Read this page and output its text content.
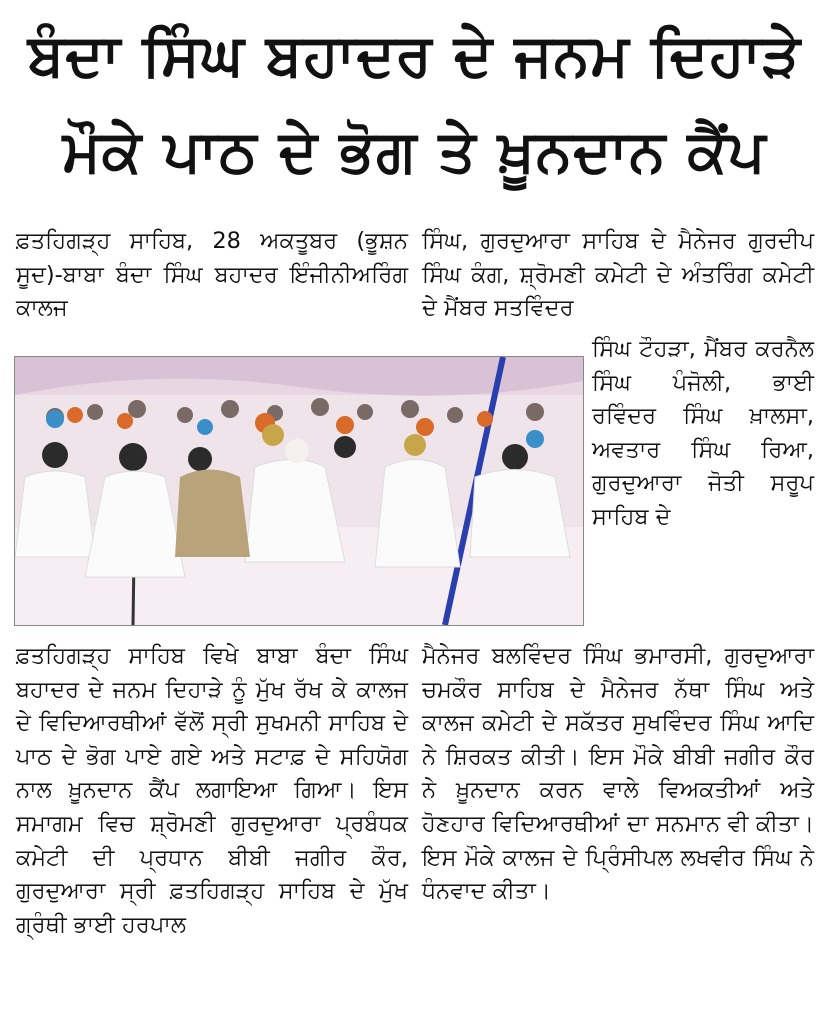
ਬੰਦਾ ਸਿੰਘ ਬਹਾਦਰ ਦੇ ਜਨਮ ਦਿਹਾੜੇ
ਮੌਕੇ ਪਾਠ ਦੇ ਭੋਗ ਤੇ ਖ਼ੂਨਦਾਨ ਕੈਂਪ

ਫ਼ਤਹਿਗੜ੍ਹ ਸਾਹਿਬ, 28 ਅਕਤੂਬਰ (ਭੂਸ਼ਨ ਸੂਦ)-ਬਾਬਾ ਬੰਦਾ ਸਿੰਘ ਬਹਾਦਰ ਇੰਜੀਨੀਅਰਿੰਗ ਕਾਲਜ

ਸਿੰਘ, ਗੁਰਦੁਆਰਾ ਸਾਹਿਬ ਦੇ ਮੈਨੇਜਰ ਗੁਰਦੀਪ ਸਿੰਘ ਕੰਗ, ਸ਼੍ਰੋਮਣੀ ਕਮੇਟੀ ਦੇ ਅੰਤਰਿੰਗ ਕਮੇਟੀ ਦੇ ਮੈਂਬਰ ਸਤਵਿੰਦਰ

ਸਿੰਘ ਟੌਹੜਾ, ਮੈਂਬਰ ਕਰਨੈਲ ਸਿੰਘ ਪੰਜੋਲੀ, ਭਾਈ ਰਵਿੰਦਰ ਸਿੰਘ ਖ਼ਾਲਸਾ, ਅਵਤਾਰ ਸਿੰਘ ਰਿਆ, ਗੁਰਦੁਆਰਾ ਜੋਤੀ ਸਰੂਪ ਸਾਹਿਬ ਦੇ

ਫ਼ਤਹਿਗੜ੍ਹ ਸਾਹਿਬ ਵਿਖੇ ਬਾਬਾ ਬੰਦਾ ਸਿੰਘ ਬਹਾਦਰ ਦੇ ਜਨਮ ਦਿਹਾੜੇ ਨੂੰ ਮੁੱਖ ਰੱਖ ਕੇ ਕਾਲਜ ਦੇ ਵਿਦਿਆਰਥੀਆਂ ਵੱਲੋਂ ਸ੍ਰੀ ਸੁਖਮਨੀ ਸਾਹਿਬ ਦੇ ਪਾਠ ਦੇ ਭੋਗ ਪਾਏ ਗਏ ਅਤੇ ਸਟਾਫ਼ ਦੇ ਸਹਿਯੋਗ ਨਾਲ ਖ਼ੂਨਦਾਨ ਕੈਂਪ ਲਗਾਇਆ ਗਿਆ। ਇਸ ਸਮਾਗਮ ਵਿਚ ਸ਼੍ਰੋਮਣੀ ਗੁਰਦੁਆਰਾ ਪ੍ਰਬੰਧਕ ਕਮੇਟੀ ਦੀ ਪ੍ਰਧਾਨ ਬੀਬੀ ਜਗੀਰ ਕੌਰ, ਗੁਰਦੁਆਰਾ ਸ੍ਰੀ ਫ਼ਤਹਿਗੜ੍ਹ ਸਾਹਿਬ ਦੇ ਮੁੱਖ ਗ੍ਰੰਥੀ ਭਾਈ ਹਰਪਾਲ

ਮੈਨੇਜਰ ਬਲਵਿੰਦਰ ਸਿੰਘ ਭਮਾਰਸੀ, ਗੁਰਦੁਆਰਾ ਚਮਕੌਰ ਸਾਹਿਬ ਦੇ ਮੈਨੇਜਰ ਨੱਥਾ ਸਿੰਘ ਅਤੇ ਕਾਲਜ ਕਮੇਟੀ ਦੇ ਸਕੱਤਰ ਸੁਖਵਿੰਦਰ ਸਿੰਘ ਆਦਿ ਨੇ ਸ਼ਿਰਕਤ ਕੀਤੀ। ਇਸ ਮੌਕੇ ਬੀਬੀ ਜਗੀਰ ਕੌਰ ਨੇ ਖ਼ੂਨਦਾਨ ਕਰਨ ਵਾਲੇ ਵਿਅਕਤੀਆਂ ਅਤੇ ਹੋਣਹਾਰ ਵਿਦਿਆਰਥੀਆਂ ਦਾ ਸਨਮਾਨ ਵੀ ਕੀਤਾ। ਇਸ ਮੌਕੇ ਕਾਲਜ ਦੇ ਪ੍ਰਿੰਸੀਪਲ ਲਖਵੀਰ ਸਿੰਘ ਨੇ ਧੰਨਵਾਦ ਕੀਤਾ।
